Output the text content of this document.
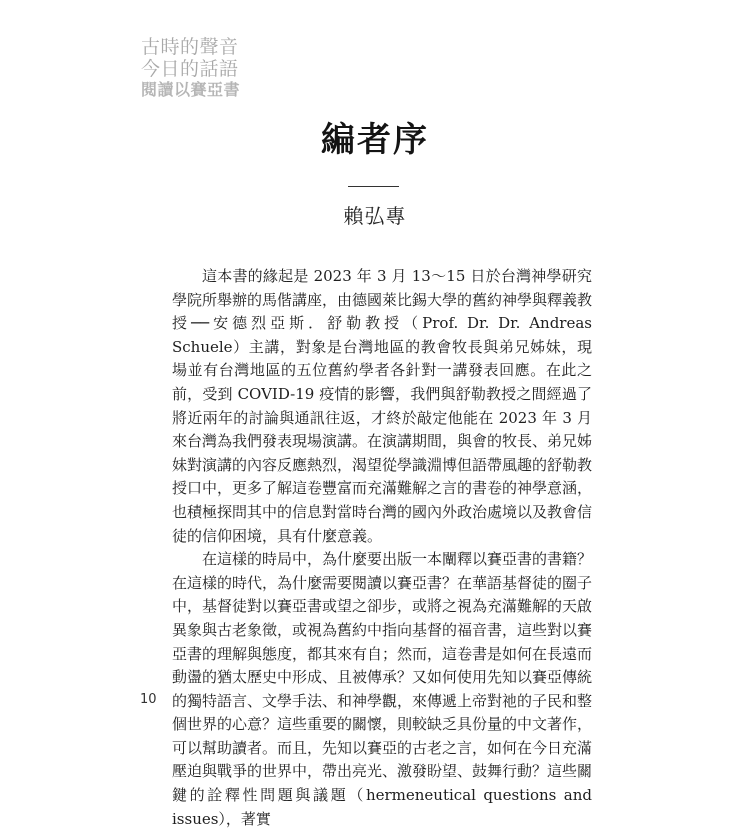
古時的聲音
今日的話語
閱讀以賽亞書
編者序
賴弘專

這本書的緣起是 2023 年 3 月 13～15 日於台灣神學研究學院所舉辦的馬偕講座，由德國萊比錫大學的舊約神學與釋義教授──安德烈亞斯．舒勒教授（Prof. Dr. Dr. Andreas Schuele）主講，對象是台灣地區的教會牧長與弟兄姊妹，現場並有台灣地區的五位舊約學者各針對一講發表回應。在此之前，受到 COVID-19 疫情的影響，我們與舒勒教授之間經過了將近兩年的討論與通訊往返，才終於敲定他能在 2023 年 3 月來台灣為我們發表現場演講。在演講期間，與會的牧長、弟兄姊妹對演講的內容反應熱烈，渴望從學識淵博但語帶風趣的舒勒教授口中，更多了解這卷豐富而充滿難解之言的書卷的神學意涵，也積極探問其中的信息對當時台灣的國內外政治處境以及教會信徒的信仰困境，具有什麼意義。

在這樣的時局中，為什麼要出版一本闡釋以賽亞書的書籍？在這樣的時代，為什麼需要閱讀以賽亞書？在華語基督徒的圈子中，基督徒對以賽亞書或望之卻步，或將之視為充滿難解的天啟異象與古老象徵，或視為舊約中指向基督的福音書，這些對以賽亞書的理解與態度，都其來有自；然而，這卷書是如何在長遠而動盪的猶太歷史中形成、且被傳承？又如何使用先知以賽亞傳統的獨特語言、文學手法、和神學觀，來傳遞上帝對祂的子民和整個世界的心意？這些重要的關懷，則較缺乏具份量的中文著作，可以幫助讀者。而且，先知以賽亞的古老之言，如何在今日充滿壓迫與戰爭的世界中，帶出亮光、激發盼望、鼓舞行動？這些關鍵的詮釋性問題與議題（hermeneutical questions and issues），著實

10
